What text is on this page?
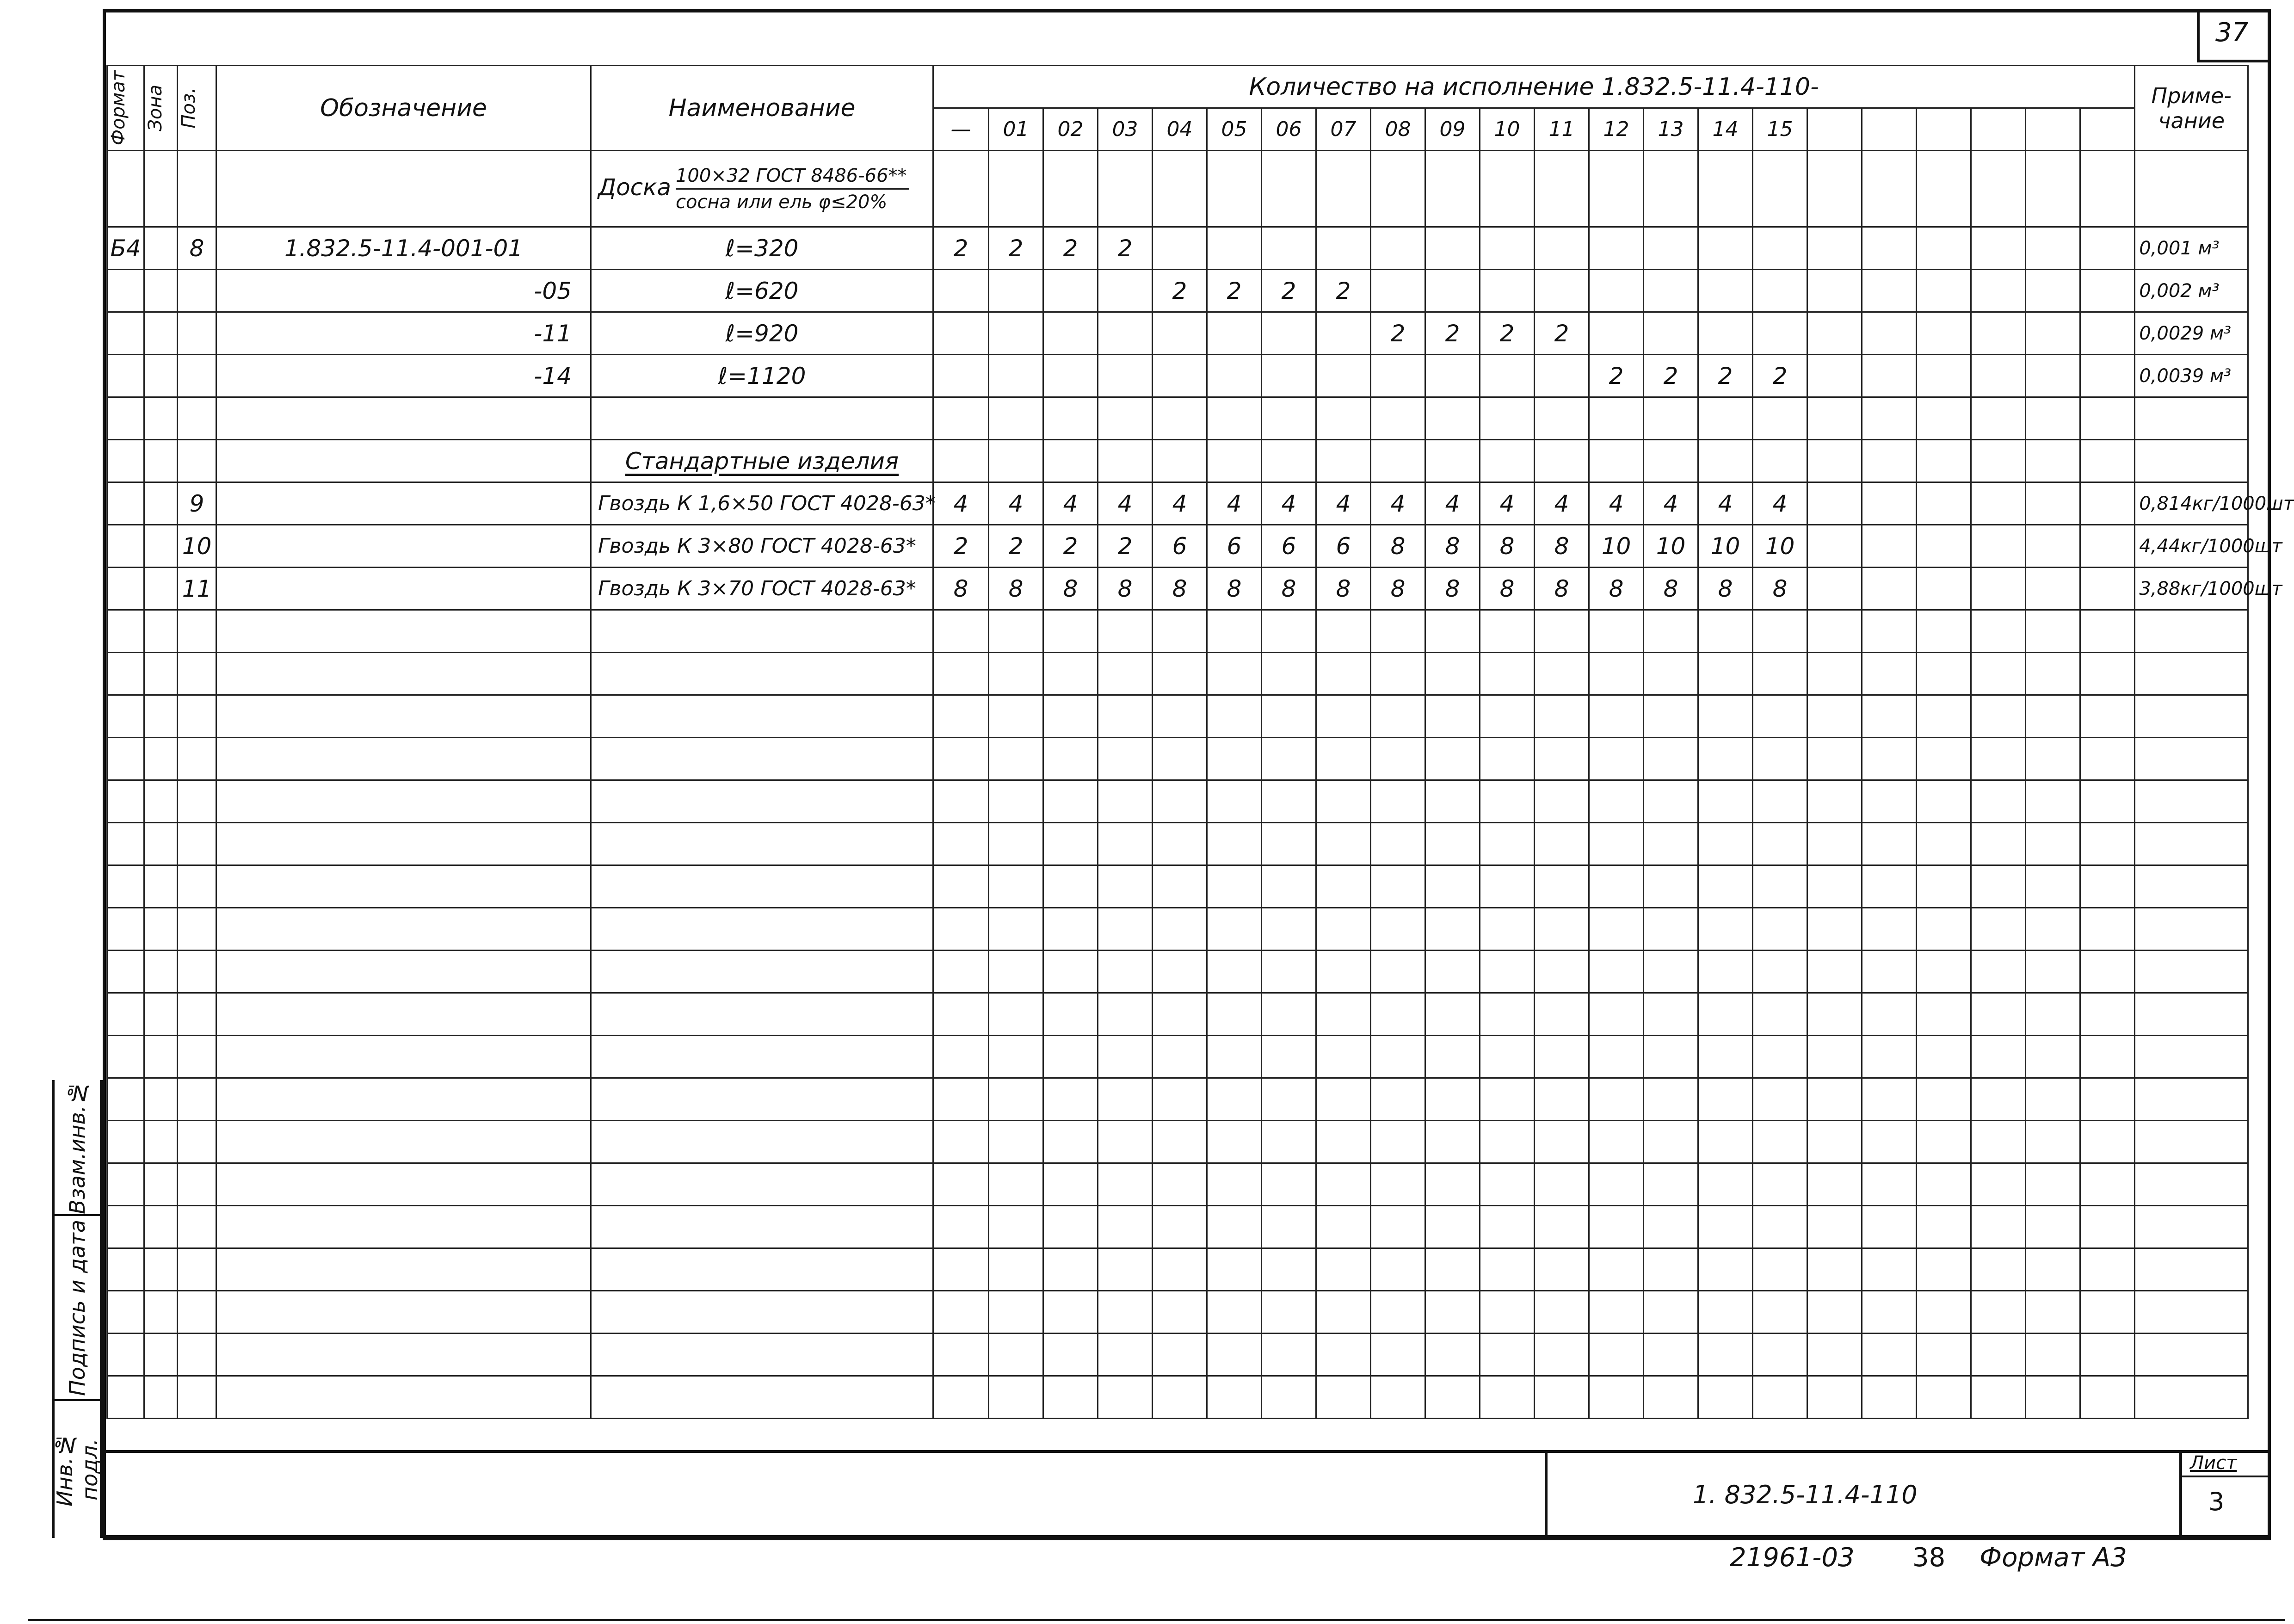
37
Формат	Зона	Поз.	Обозначение	Наименование	Количество на исполнение 1.832.5-11.4-110-																						Приме-
чание
					—	01	02	03	04	05	06	07	08	09	10	11	12	13	14	15							
				Доска $\frac{\text{100×32 ГОСТ 8486-66**}}{\text{сосна или ель φ≤20\%}}$

Б4		8	1.832.5-11.4-001-01	ℓ=320	2	2	2	2																			0,001 м³
			-05	ℓ=620					2	2	2	2															0,002 м³
			-11	ℓ=920									2	2	2	2											0,0029 м³
			-14	ℓ=1120													2	2	2	2							0,0039 м³

				Стандартные изделия																							
		9		Гвоздь К 1,6×50 ГОСТ 4028-63*	4	4	4	4	4	4	4	4	4	4	4	4	4	4	4	4							0,814кг/1000шт
		10		Гвоздь К 3×80 ГОСТ 4028-63*	2	2	2	2	6	6	6	6	8	8	8	8	10	10	10	10							4,44кг/1000шт
		11		Гвоздь К 3×70 ГОСТ 4028-63*	8	8	8	8	8	8	8	8	8	8	8	8	8	8	8	8							3,88кг/1000шт

Инв.№ подл.
Подпись и дата
Взам.инв.№
1. 832.5-11.4-110
Лист
3
21961-03 38 Формат А3
